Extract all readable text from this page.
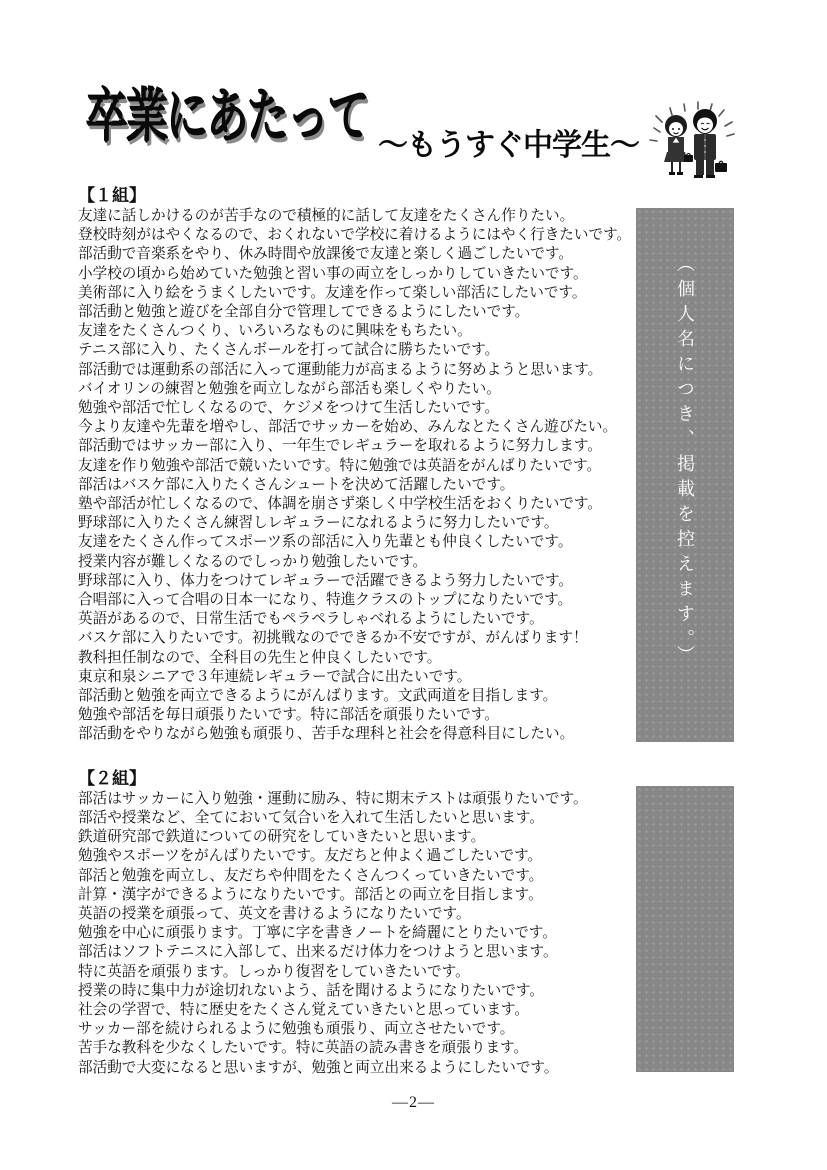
卒業にあたって ～もうすぐ中学生～
（個人名につき、掲載を控えます。）
【１組】
友達に話しかけるのが苦手なので積極的に話して友達をたくさん作りたい。
登校時刻がはやくなるので、おくれないで学校に着けるようにはやく行きたいです。
部活動で音楽系をやり、休み時間や放課後で友達と楽しく過ごしたいです。
小学校の頃から始めていた勉強と習い事の両立をしっかりしていきたいです。
美術部に入り絵をうまくしたいです。友達を作って楽しい部活にしたいです。
部活動と勉強と遊びを全部自分で管理してできるようにしたいです。
友達をたくさんつくり、いろいろなものに興味をもちたい。
テニス部に入り、たくさんボールを打って試合に勝ちたいです。
部活動では運動系の部活に入って運動能力が高まるように努めようと思います。
バイオリンの練習と勉強を両立しながら部活も楽しくやりたい。
勉強や部活で忙しくなるので、ケジメをつけて生活したいです。
今より友達や先輩を増やし、部活でサッカーを始め、みんなとたくさん遊びたい。
部活動ではサッカー部に入り、一年生でレギュラーを取れるように努力します。
友達を作り勉強や部活で競いたいです。特に勉強では英語をがんばりたいです。
部活はバスケ部に入りたくさんシュートを決めて活躍したいです。
塾や部活が忙しくなるので、体調を崩さず楽しく中学校生活をおくりたいです。
野球部に入りたくさん練習しレギュラーになれるように努力したいです。
友達をたくさん作ってスポーツ系の部活に入り先輩とも仲良くしたいです。
授業内容が難しくなるのでしっかり勉強したいです。
野球部に入り、体力をつけてレギュラーで活躍できるよう努力したいです。
合唱部に入って合唱の日本一になり、特進クラスのトップになりたいです。
英語があるので、日常生活でもペラペラしゃべれるようにしたいです。
バスケ部に入りたいです。初挑戦なのでできるか不安ですが、がんばります！
教科担任制なので、全科目の先生と仲良くしたいです。
東京和泉シニアで３年連続レギュラーで試合に出たいです。
部活動と勉強を両立できるようにがんばります。文武両道を目指します。
勉強や部活を毎日頑張りたいです。特に部活を頑張りたいです。
部活動をやりながら勉強も頑張り、苦手な理科と社会を得意科目にしたい。
【２組】
部活はサッカーに入り勉強・運動に励み、特に期末テストは頑張りたいです。
部活や授業など、全てにおいて気合いを入れて生活したいと思います。
鉄道研究部で鉄道についての研究をしていきたいと思います。
勉強やスポーツをがんばりたいです。友だちと仲よく過ごしたいです。
部活と勉強を両立し、友だちや仲間をたくさんつくっていきたいです。
計算・漢字ができるようになりたいです。部活との両立を目指します。
英語の授業を頑張って、英文を書けるようになりたいです。
勉強を中心に頑張ります。丁寧に字を書きノートを綺麗にとりたいです。
部活はソフトテニスに入部して、出来るだけ体力をつけようと思います。
特に英語を頑張ります。しっかり復習をしていきたいです。
授業の時に集中力が途切れないよう、話を聞けるようになりたいです。
社会の学習で、特に歴史をたくさん覚えていきたいと思っています。
サッカー部を続けられるように勉強も頑張り、両立させたいです。
苦手な教科を少なくしたいです。特に英語の読み書きを頑張ります。
部活動で大変になると思いますが、勉強と両立出来るようにしたいです。
―2―
